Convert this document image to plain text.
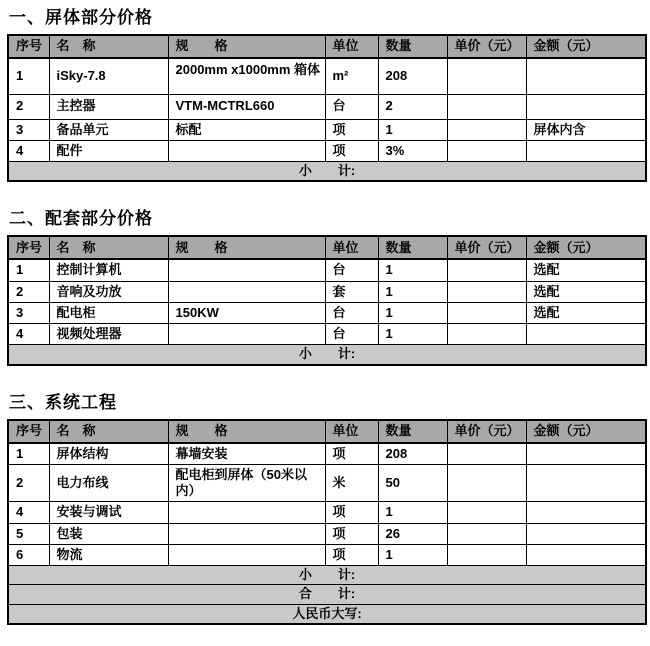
一、屏体部分价格
序号	名　称	规　　格	单位	数量	单价（元）	金额（元）
1	iSky-7.8	2000mm x1000mm 箱体	m²	208		
2	主控器	VTM-MCTRL660	台	2		
3	备品单元	标配	项	1		屏体内含
4	配件		项	3%		
小　　计:						
二、配套部分价格
序号	名　称	规　　格	单位	数量	单价（元）	金额（元）
1	控制计算机		台	1		选配
2	音响及功放		套	1		选配
3	配电柜	150KW	台	1		选配
4	视频处理器		台	1		
小　　计:						
三、系统工程
序号	名　称	规　　格	单位	数量	单价（元）	金额（元）
1	屏体结构	幕墙安装	项	208		
2	电力布线	配电柜到屏体（50米以内）	米	50		
4	安装与调试		项	1		
5	包装		项	26		
6	物流		项	1		
小　　计:						
合　　计:						
人民币大写:						
